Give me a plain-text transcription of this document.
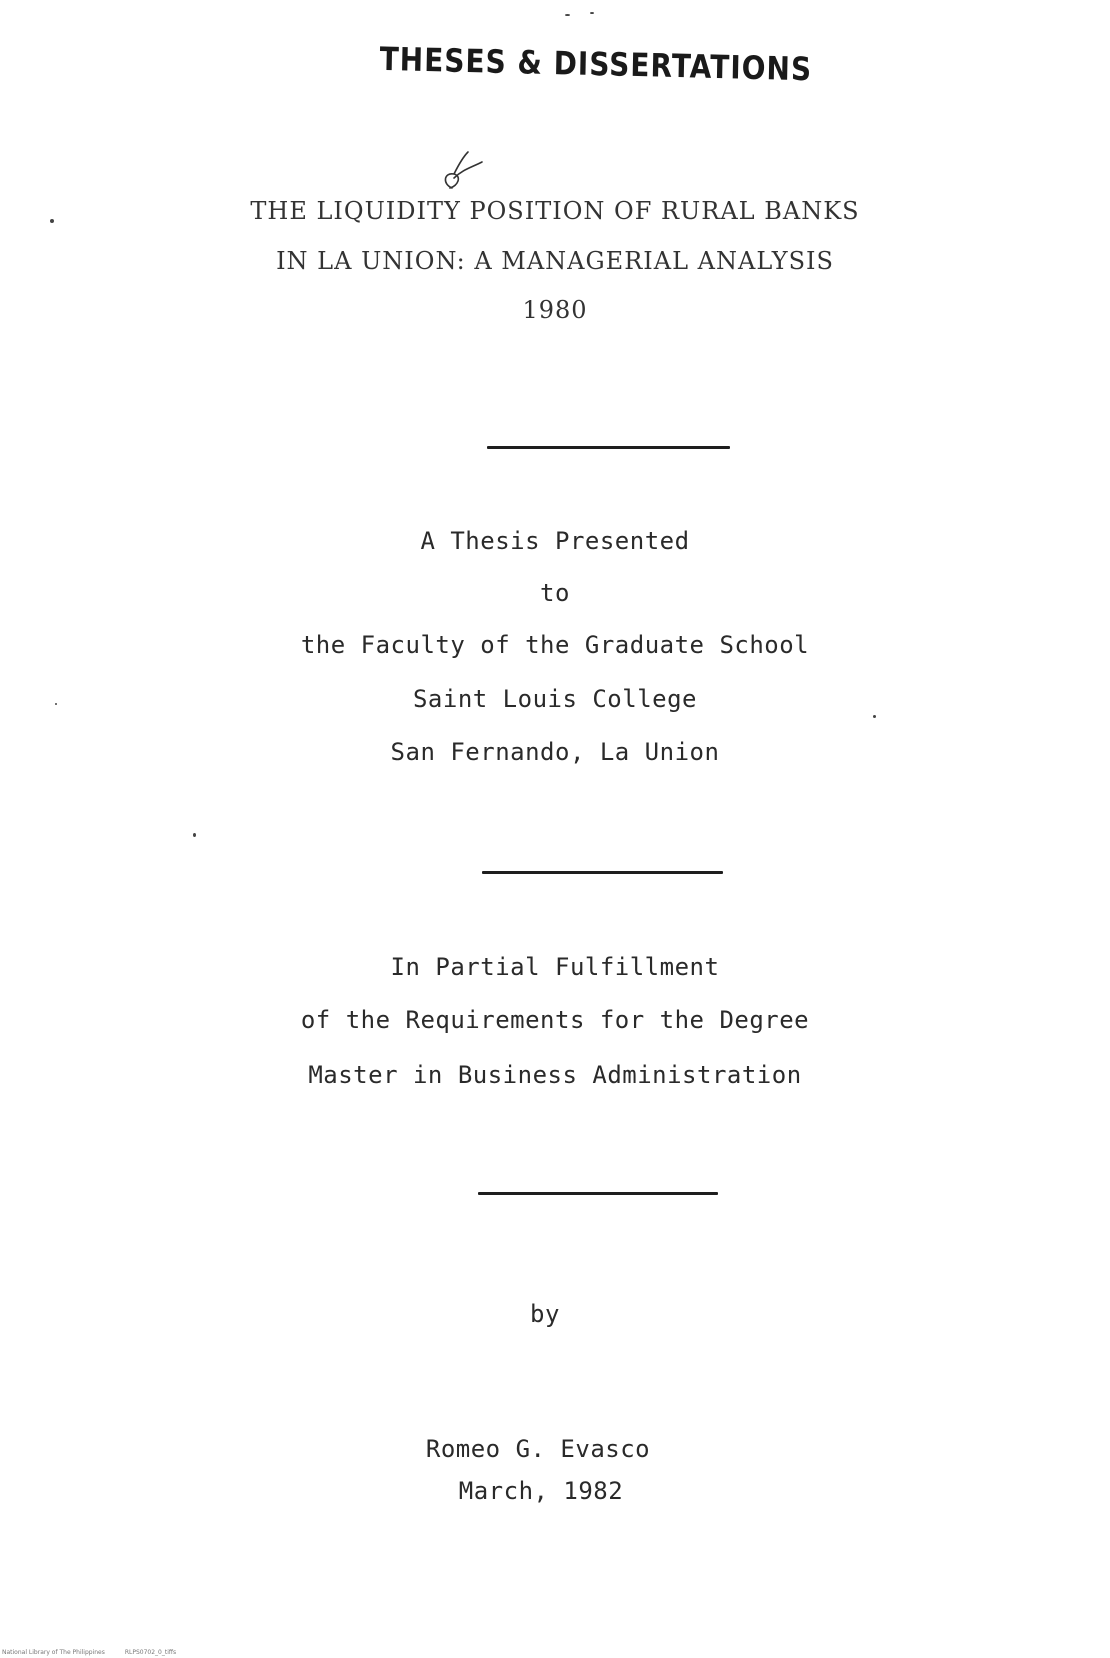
THESES & DISSERTATIONS
THE LIQUIDITY POSITION OF RURAL BANKS
IN LA UNION: A MANAGERIAL ANALYSIS
1980
A Thesis Presented
to
the Faculty of the Graduate School
Saint Louis College
San Fernando, La Union
In Partial Fulfillment
of the Requirements for the Degree
Master in Business Administration
by
Romeo G. Evasco
March, 1982
National Library of The Philippines	RLPS0702_0_tiffs
